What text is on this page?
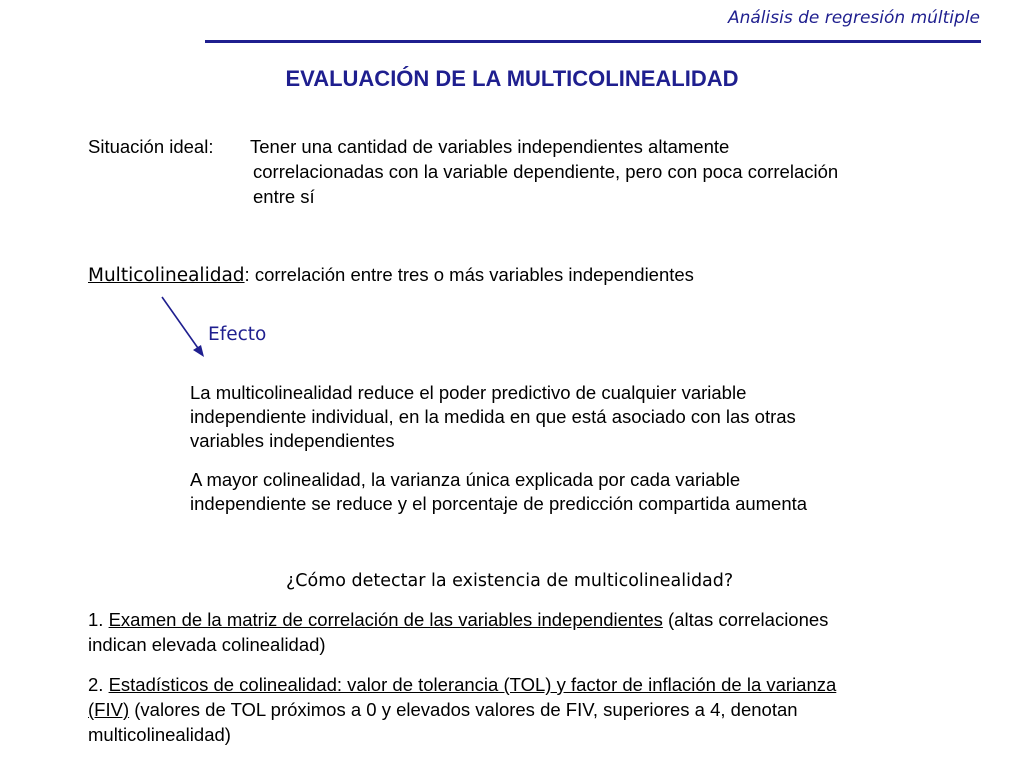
Análisis de regresión múltiple
EVALUACIÓN DE LA MULTICOLINEALIDAD
Situación ideal: Tener una cantidad de variables independientes altamente
correlacionadas con la variable dependiente, pero con poca correlación
entre sí
Multicolinealidad: correlación entre tres o más variables independientes
Efecto
La multicolinealidad reduce el poder predictivo de cualquier variable
independiente individual, en la medida en que está asociado con las otras
variables independientes
A mayor colinealidad, la varianza única explicada por cada variable
independiente se reduce y el porcentaje de predicción compartida aumenta
¿Cómo detectar la existencia de multicolinealidad?
1. Examen de la matriz de correlación de las variables independientes (altas correlaciones
indican elevada colinealidad)
2. Estadísticos de colinealidad: valor de tolerancia (TOL) y factor de inflación de la varianza
(FIV) (valores de TOL próximos a 0 y elevados valores de FIV, superiores a 4, denotan
multicolinealidad)
